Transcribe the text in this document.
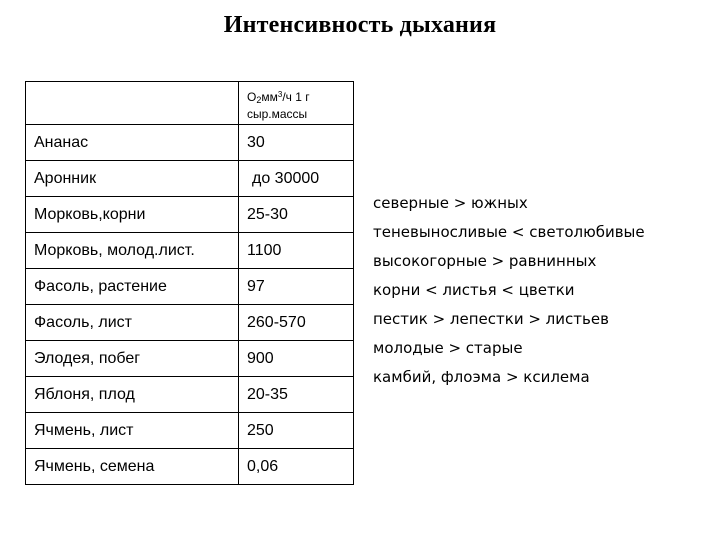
Интенсивность дыхания
	$O_2мм^3/ч$ 1 г сыр.массы
Ананас	30
Аронник	до 30000
Морковь,корни	25-30
Морковь, молод.лист.	1100
Фасоль, растение	97
Фасоль, лист	260-570
Элодея, побег	900
Яблоня, плод	20-35
Ячмень, лист	250
Ячмень, семена	0,06
северные > южных
теневыносливые < светолюбивые
высокогорные > равнинных
корни < листья < цветки
пестик > лепестки > листьев
молодые > старые
камбий, флоэма > ксилема
